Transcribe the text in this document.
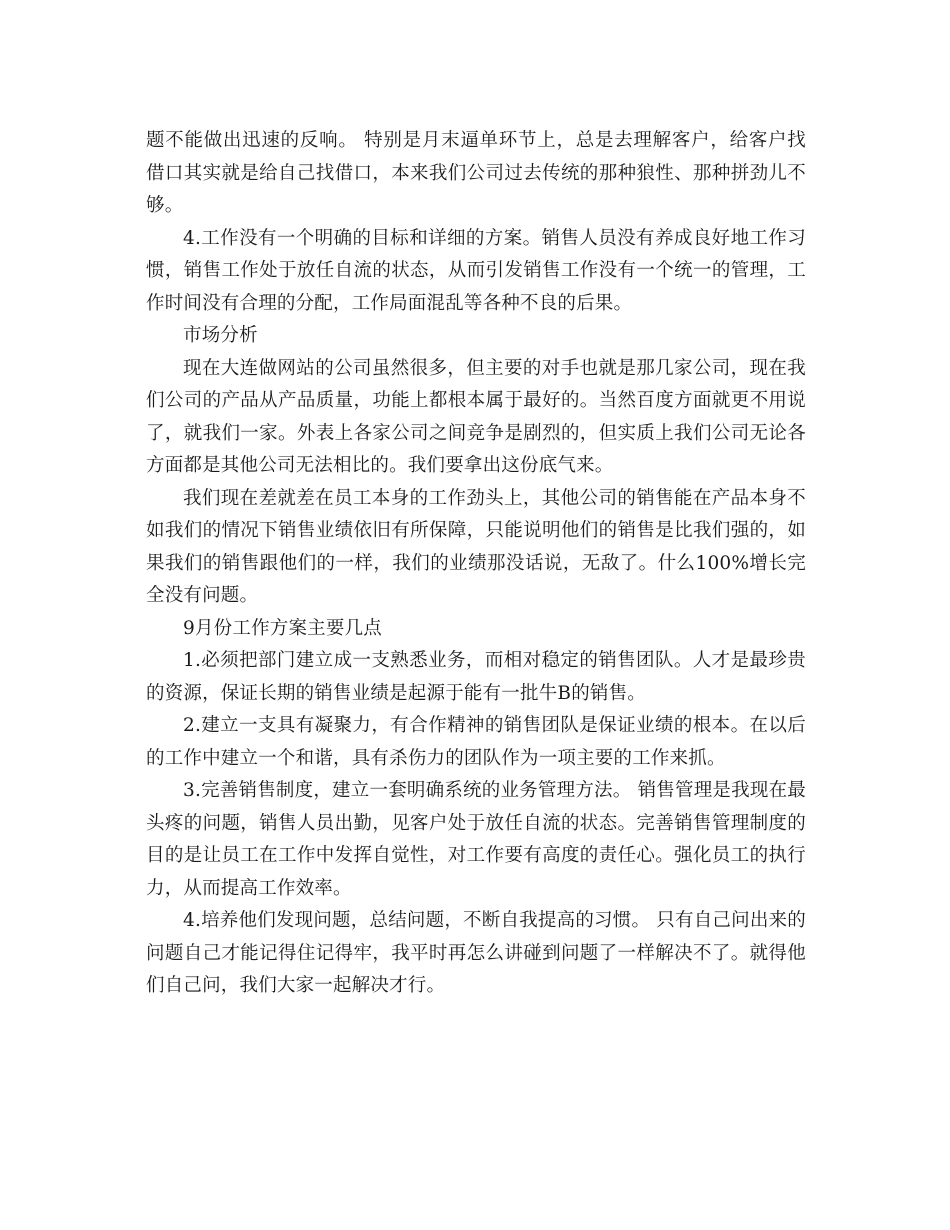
题不能做出迅速的反响。 特别是月末逼单环节上，总是去理解客户，给客户找借口其实就是给自己找借口，本来我们公司过去传统的那种狼性、那种拼劲儿不够。

4.工作没有一个明确的目标和详细的方案。销售人员没有养成良好地工作习惯，销售工作处于放任自流的状态，从而引发销售工作没有一个统一的管理，工作时间没有合理的分配，工作局面混乱等各种不良的后果。

市场分析

现在大连做网站的公司虽然很多，但主要的对手也就是那几家公司，现在我们公司的产品从产品质量，功能上都根本属于最好的。当然百度方面就更不用说了，就我们一家。外表上各家公司之间竞争是剧烈的，但实质上我们公司无论各方面都是其他公司无法相比的。我们要拿出这份底气来。

我们现在差就差在员工本身的工作劲头上，其他公司的销售能在产品本身不如我们的情况下销售业绩依旧有所保障，只能说明他们的销售是比我们强的，如果我们的销售跟他们的一样，我们的业绩那没话说，无敌了。什么100%增长完全没有问题。

9月份工作方案主要几点

1.必须把部门建立成一支熟悉业务，而相对稳定的销售团队。人才是最珍贵的资源，保证长期的销售业绩是起源于能有一批牛B的销售。

2.建立一支具有凝聚力，有合作精神的销售团队是保证业绩的根本。在以后的工作中建立一个和谐，具有杀伤力的团队作为一项主要的工作来抓。

3.完善销售制度，建立一套明确系统的业务管理方法。 销售管理是我现在最头疼的问题，销售人员出勤，见客户处于放任自流的状态。完善销售管理制度的目的是让员工在工作中发挥自觉性，对工作要有高度的责任心。强化员工的执行力，从而提高工作效率。

4.培养他们发现问题，总结问题，不断自我提高的习惯。 只有自己问出来的问题自己才能记得住记得牢，我平时再怎么讲碰到问题了一样解决不了。就得他们自己问，我们大家一起解决才行。
